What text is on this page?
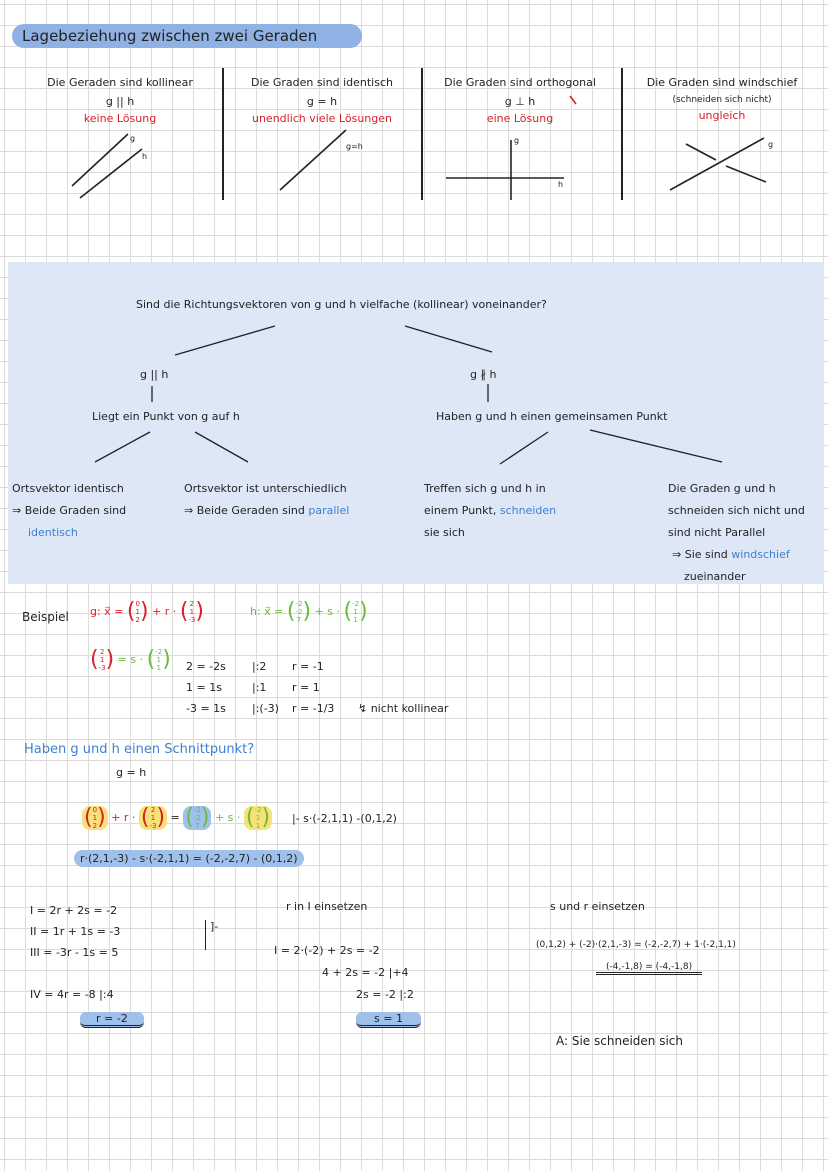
Lagebeziehung zwischen zwei Geraden
Die Geraden sind kollinear
g || h
keine Lösung
Die Graden sind identisch
g = h
unendlich viele Lösungen
Die Graden sind orthogonal
g ⊥ h
eine Lösung
Die Graden sind windschief
(schneiden sich nicht)
ungleich
g
h
g=h
g
h
g
Sind die Richtungsvektoren von g und h vielfache (kollinear) voneinander?
g || h	g ∦ h
Liegt ein Punkt von g auf h	Haben g und h einen gemeinsamen Punkt
Ortsvektor identisch
⇒ Beide Graden sind
identisch
Ortsvektor ist unterschiedlich
⇒ Beide Geraden sind parallel
Treffen sich g und h in
einem Punkt, schneiden
sie sich
Die Graden g und h
schneiden sich nicht und
sind nicht Parallel
⇒ Sie sind windschief
zueinander
Beispiel g: x⃗ = ( 0
1
2 ) + r · ( 2
1
-3 )	h: x⃗ = ( -2
-2
7 ) + s · ( -2
1
1 )
( 2
1
-3 ) = s · ( -2
1
1 ) 2 = -2s |:2 r = -1
1 = 1s	|:1 r = 1
-3 = 1s |:(-3) r = -1/3 ↯ nicht kollinear
Haben g und h einen Schnittpunkt?
g = h
( 0
1
2 ) + r · ( 2
1
-3 ) = ( -2
-2
7 ) + s · ( -2
1
1 ) |- s·(-2,1,1) -(0,1,2)
r·(2,1,-3) - s·(-2,1,1) = (-2,-2,7) - (0,1,2)
I = 2r + 2s = -2
II = 1r + 1s = -3
III = -3r - 1s = 5
]-
IV = 4r = -8 |:4
r = -2
r in I einsetzen
I = 2·(-2) + 2s = -2
4 + 2s = -2 |+4
2s = -2 |:2
s = 1
s und r einsetzen
(0,1,2) + (-2)·(2,1,-3) = (-2,-2,7) + 1·(-2,1,1)
(-4,-1,8) = (-4,-1,8)
A: Sie schneiden sich
